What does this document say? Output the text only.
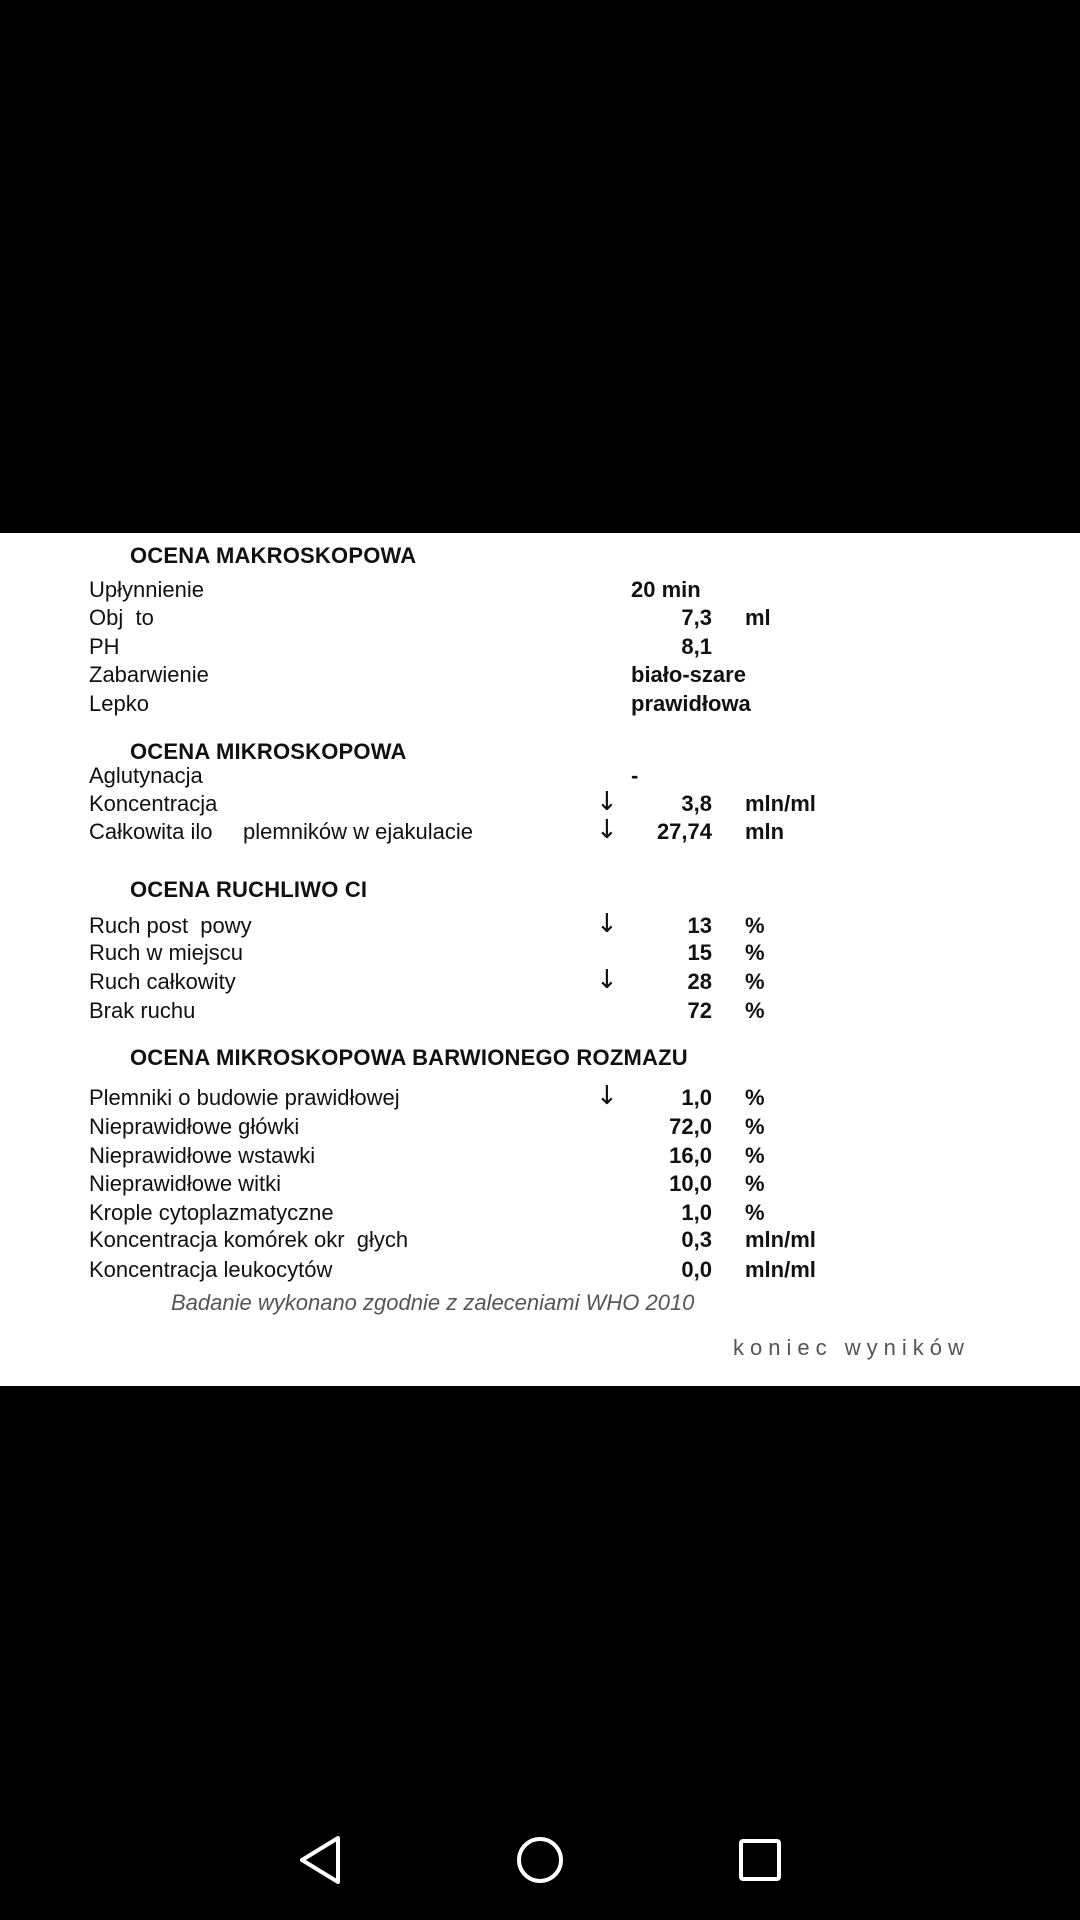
OCENA MAKROSKOPOWA
OCENA MIKROSKOPOWA
OCENA RUCHLIWO CI
OCENA MIKROSKOPOWA BARWIONEGO ROZMAZU
Upłynnienie	20 min
Obj  to	7,3 ml
PH	8,1
Zabarwienie	biało-szare
Lepko	prawidłowa
Aglutynacja	-
Koncentracja	↓	3,8 mln/ml
Całkowita ilo     plemników w ejakulacie	↓ 27,74 mln
Ruch post  powy	↓	13 %
Ruch w miejscu	15 %
Ruch całkowity	↓	28 %
Brak ruchu	72 %
Plemniki o budowie prawidłowej	↓	1,0 %
Nieprawidłowe główki	72,0 %
Nieprawidłowe wstawki	16,0 %
Nieprawidłowe witki	10,0 %
Krople cytoplazmatyczne	1,0 %
Koncentracja komórek okr  głych	0,3 mln/ml
Koncentracja leukocytów	0,0 mln/ml
Badanie wykonano zgodnie z zaleceniami WHO 2010
koniec wyników
